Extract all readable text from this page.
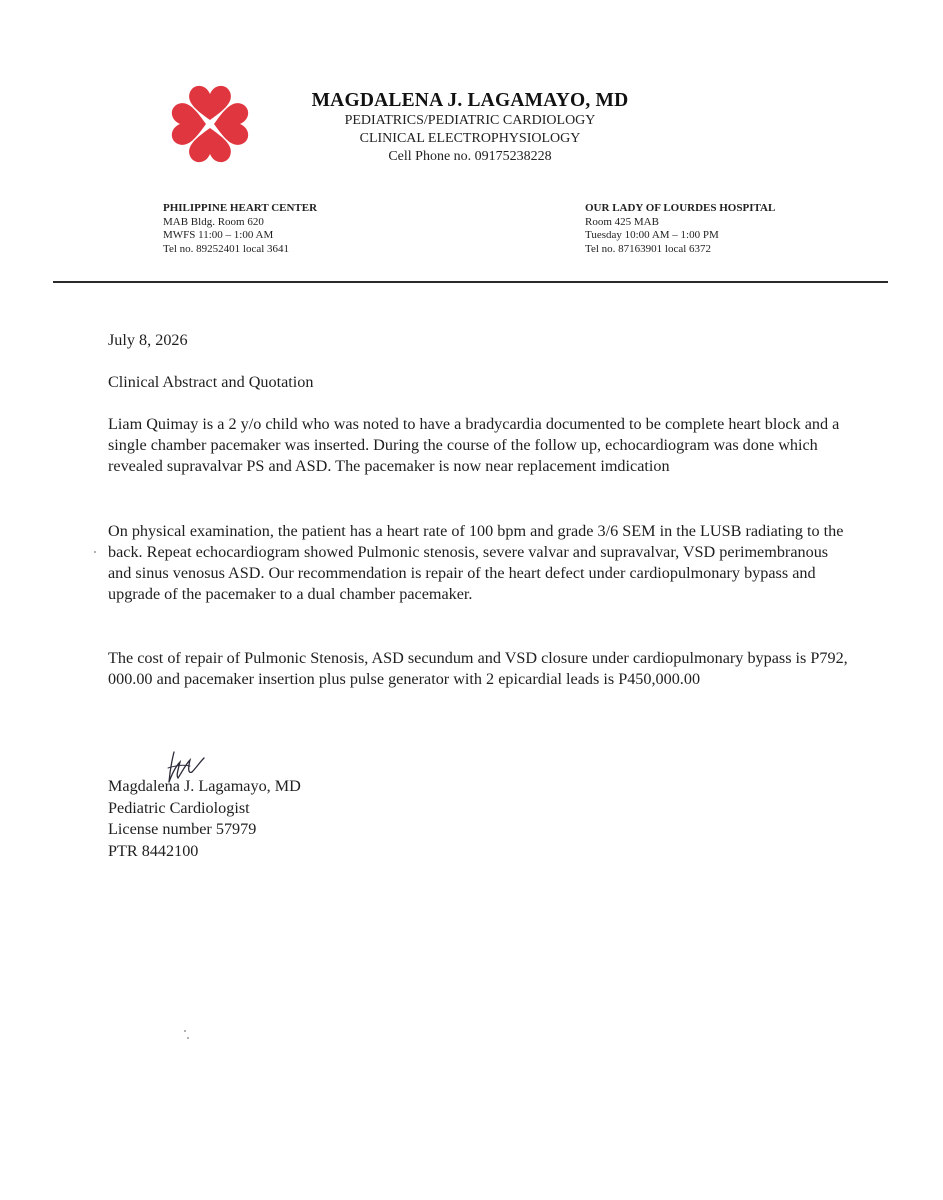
MAGDALENA J. LAGAMAYO, MD
PEDIATRICS/PEDIATRIC CARDIOLOGY
CLINICAL ELECTROPHYSIOLOGY
Cell Phone no. 09175238228
PHILIPPINE HEART CENTER
MAB Bldg. Room 620
MWFS 11:00 – 1:00 AM
Tel no. 89252401 local 3641
OUR LADY OF LOURDES HOSPITAL
Room 425 MAB
Tuesday 10:00 AM – 1:00 PM
Tel no. 87163901 local 6372
July 8, 2026
Clinical Abstract and Quotation
Liam Quimay is a 2 y/o child who was noted to have a bradycardia documented to be complete heart block and a single chamber pacemaker was inserted. During the course of the follow up, echocardiogram was done which revealed supravalvar PS and ASD. The pacemaker is now near replacement imdication
On physical examination, the patient has a heart rate of 100 bpm and grade 3/6 SEM in the LUSB radiating to the back. Repeat echocardiogram showed Pulmonic stenosis, severe valvar and supravalvar, VSD perimembranous and sinus venosus ASD. Our recommendation is repair of the heart defect under cardiopulmonary bypass and upgrade of the pacemaker to a dual chamber pacemaker.
The cost of repair of Pulmonic Stenosis, ASD secundum and VSD closure under cardiopulmonary bypass is P792, 000.00 and pacemaker insertion plus pulse generator with 2 epicardial leads is P450,000.00
Magdalena J. Lagamayo, MD
Pediatric Cardiologist
License number 57979
PTR 8442100
